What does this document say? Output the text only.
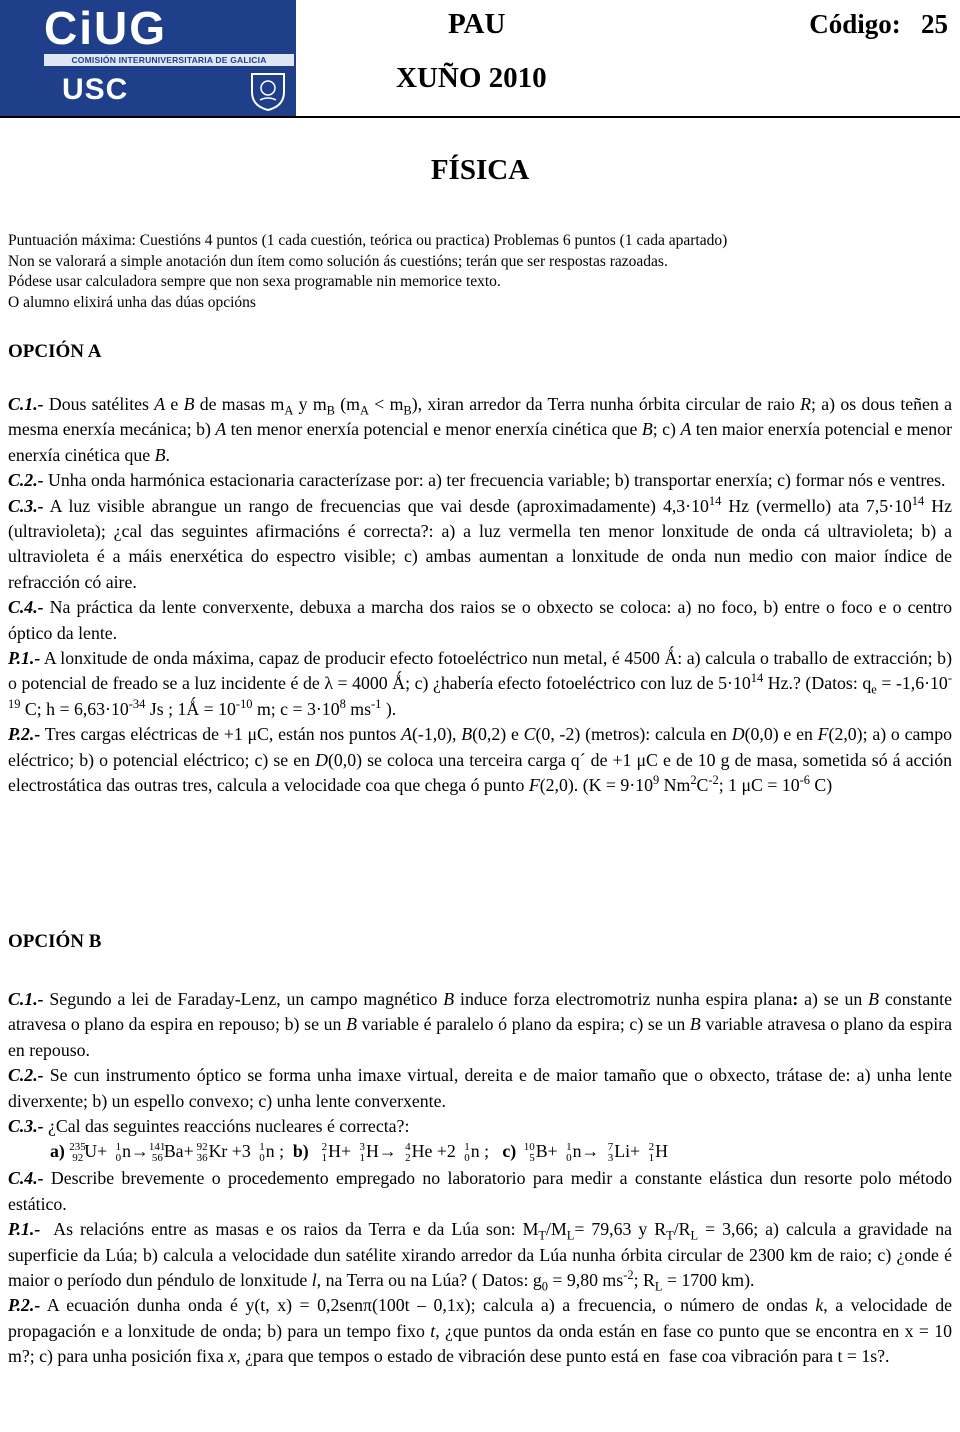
CiUG
COMISIÓN INTERUNIVERSITARIA DE GALICIA
USC
PAU
XUÑO 2010
Código:   25
FÍSICA
Puntuación máxima: Cuestións 4 puntos (1 cada cuestión, teórica ou practica) Problemas 6 puntos (1 cada apartado)
Non se valorará a simple anotación dun ítem como solución ás cuestións; terán que ser respostas razoadas.
Pódese usar calculadora sempre que non sexa programable nin memorice texto.
O alumno elixirá unha das dúas opcións
OPCIÓN A

C.1.- Dous satélites A e B de masas $m_A$ y $m_B$ $(m_A < m_B)$, xiran arredor da Terra nunha órbita circular de raio R; a) os dous teñen a mesma enerxía mecánica; b) A ten menor enerxía potencial e menor enerxía cinética que B; c) A ten maior enerxía potencial e menor enerxía cinética que B.

C.2.- Unha onda harmónica estacionaria caracterízase por: a) ter frecuencia variable; b) transportar enerxía; c) formar nós e ventres.

C.3.- A luz visible abrangue un rango de frecuencias que vai desde (aproximadamente) $4,3\cdot 10^{14}$ Hz (vermello) ata $7,5\cdot 10^{14}$ Hz (ultravioleta); ¿cal das seguintes afirmacións é correcta?: a) a luz vermella ten menor lonxitude de onda cá ultravioleta; b) a ultravioleta é a máis enerxética do espectro visible; c) ambas aumentan a lonxitude de onda nun medio con maior índice de refracción có aire.

C.4.- Na práctica da lente converxente, debuxa a marcha dos raios se o obxecto se coloca: a) no foco, b) entre o foco e o centro óptico da lente.

P.1.- A lonxitude de onda máxima, capaz de producir efecto fotoeléctrico nun metal, é 4500 Ǻ: a) calcula o traballo de extracción; b) o potencial de freado se a luz incidente é de λ = 4000 Ǻ; c) ¿habería efecto fotoeléctrico con luz de $5\cdot 10^{14}$ Hz.? (Datos: $q_e = -1,6\cdot 10^{-19}$ C; $h = 6,63\cdot 10^{-34}$ Js ; 1Ǻ = $10^{-10}$ m; $c = 3\cdot 10^8$ $ms^{-1}$ ).

P.2.- Tres cargas eléctricas de +1 μC, están nos puntos A(-1,0), B(0,2) e C(0, -2) (metros): calcula en D(0,0) e en F(2,0); a) o campo eléctrico; b) o potencial eléctrico; c) se en D(0,0) se coloca una terceira carga q´ de +1 μC e de 10 g de masa, sometida só á acción electrostática das outras tres, calcula a velocidade coa que chega ó punto F(2,0). ($K = 9\cdot 10^9$ $Nm^2C^{-2}$; 1 $\mu C = 10^{-6}$ C)

OPCIÓN B

C.1.- Segundo a lei de Faraday-Lenz, un campo magnético B induce forza electromotriz nunha espira plana: a) se un B constante atravesa o plano da espira en repouso; b) se un B variable é paralelo ó plano da espira; c) se un B variable atravesa o plano da espira en repouso.

C.2.- Se cun instrumento óptico se forma unha imaxe virtual, dereita e de maior tamaño que o obxecto, trátase de: a) unha lente diverxente; b) un espello convexo; c) unha lente converxente.

C.3.- ¿Cal das seguintes reaccións nucleares é correcta?:

a) 235
92 U+ 1
0 n→ 141
56 Ba+ 92
36 Kr +3 1
0 n ;  b)	2
1 H+ 3
1 H→ 4
2 He +2 1
0 n ;   c) 10
5 B+ 1
0 n→ 7
3 Li+ 2
1 H

C.4.- Describe brevemente o procedemento empregado no laboratorio para medir a constante elástica dun resorte polo método estático.

P.1.-  As relacións entre as masas e os raios da Terra e da Lúa son: $M_T/M_L= 79,63$ y $R_T/R_L = 3,66$; a) calcula a gravidade na superficie da Lúa; b) calcula a velocidade dun satélite xirando arredor da Lúa nunha órbita circular de 2300 km de raio; c) ¿onde é maior o período dun péndulo de lonxitude l, na Terra ou na Lúa? ( Datos: $g_0 = 9,80$ $ms^{-2}$; $R_L = 1700$ km).

P.2.- A ecuación dunha onda é y(t, x) = 0,2senπ(100t – 0,1x); calcula a) a frecuencia, o número de ondas k, a velocidade de propagación e a lonxitude de onda; b) para un tempo fixo t, ¿que puntos da onda están en fase co punto que se encontra en x = 10 m?; c) para unha posición fixa x, ¿para que tempos o estado de vibración dese punto está en  fase coa vibración para t = 1s?.
